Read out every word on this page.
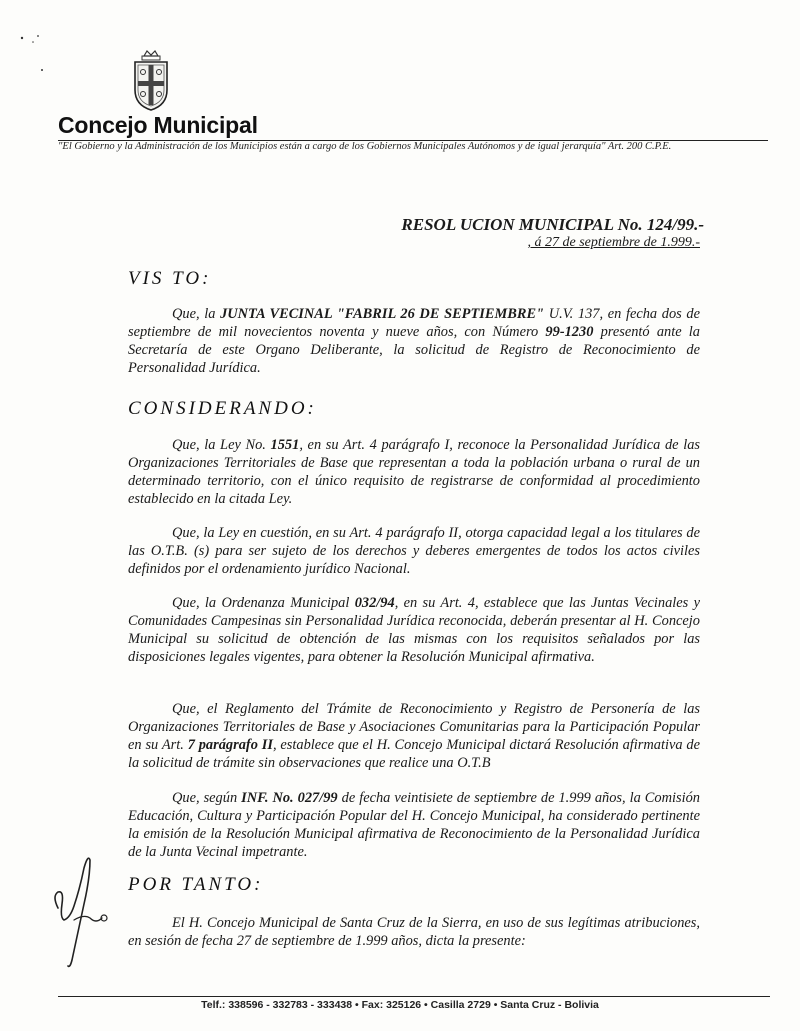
Concejo Municipal
"El Gobierno y la Administración de los Municipios están a cargo de los Gobiernos Municipales Autónomos y de igual jerarquía" Art. 200 C.P.E.
RESOL UCION MUNICIPAL No. 124/99.-
, á 27 de septiembre de 1.999.-
VIS TO:
Que, la JUNTA VECINAL "FABRIL 26 DE SEPTIEMBRE" U.V. 137, en fecha dos de septiembre de mil novecientos noventa y nueve años, con Número 99-1230 presentó ante la Secretaría de este Organo Deliberante, la solicitud de Registro de Reconocimiento de Personalidad Jurídica.
CONSIDERANDO:
Que, la Ley No. 1551, en su Art. 4 parágrafo I, reconoce la Personalidad Jurídica de las Organizaciones Territoriales de Base que representan a toda la población urbana o rural de un determinado territorio, con el único requisito de registrarse de conformidad al procedimiento establecido en la citada Ley.
Que, la Ley en cuestión, en su Art. 4 parágrafo II, otorga capacidad legal a los titulares de las O.T.B. (s) para ser sujeto de los derechos y deberes emergentes de todos los actos civiles definidos por el ordenamiento jurídico Nacional.
Que, la Ordenanza Municipal 032/94, en su Art. 4, establece que las Juntas Vecinales y Comunidades Campesinas sin Personalidad Jurídica reconocida, deberán presentar al H. Concejo Municipal su solicitud de obtención de las mismas con los requisitos señalados por las disposiciones legales vigentes, para obtener la Resolución Municipal afirmativa.
Que, el Reglamento del Trámite de Reconocimiento y Registro de Personería de las Organizaciones Territoriales de Base y Asociaciones Comunitarias para la Participación Popular en su Art. 7 parágrafo II, establece que el H. Concejo Municipal dictará Resolución afirmativa de la solicitud de trámite sin observaciones que realice una O.T.B
Que, según INF. No. 027/99 de fecha veintisiete de septiembre de 1.999 años, la Comisión Educación, Cultura y Participación Popular del H. Concejo Municipal, ha considerado pertinente la emisión de la Resolución Municipal afirmativa de Reconocimiento de la Personalidad Jurídica de la Junta Vecinal impetrante.
POR TANTO:
El H. Concejo Municipal de Santa Cruz de la Sierra, en uso de sus legítimas atribuciones, en sesión de fecha 27 de septiembre de 1.999 años, dicta la presente:
Telf.: 338596 - 332783 - 333438 • Fax: 325126 • Casilla 2729 • Santa Cruz - Bolivia
